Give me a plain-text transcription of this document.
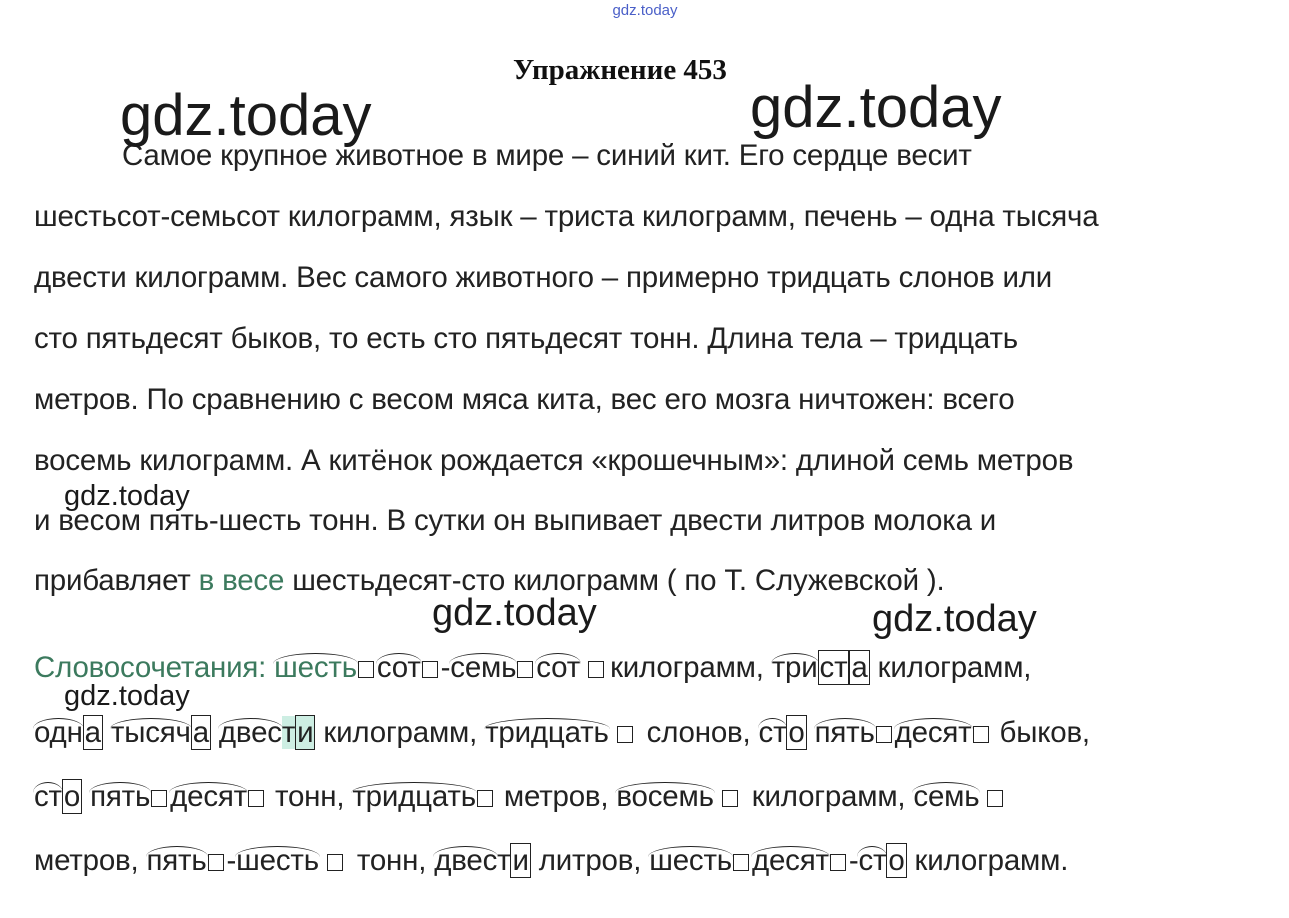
gdz.today
Упражнение 453
Самое крупное животное в мире – синий кит. Его сердце весит
шестьсот-семьсот килограмм, язык – триста килограмм, печень – одна тысяча
двести килограмм. Вес самого животного – примерно тридцать слонов или
сто пятьдесят быков, то есть сто пятьдесят тонн. Длина тела – тридцать
метров. По сравнению с весом мяса кита, вес его мозга ничтожен: всего
восемь килограмм. А китёнок рождается «крошечным»: длиной семь метров
и весом пять-шесть тонн. В сутки он выпивает двести литров молока и
прибавляет в весе шестьдесят-сто килограмм ( по Т. Служевской ).
Словосочетания: шесть сот -
семь сот килограмм,
трист а килограмм,
одна тысяча двести килограмм,
тридцать слонов,
сто пять десят быков,
сто пять десят тонн,
тридцать метров,
восемь килограмм,
семь
метров,
пять -
шесть тонн,
двести литров,
шесть десят -
сто килограмм.
gdz.today	gdz.today
gdz.today
gdz.today	gdz.today
gdz.today
